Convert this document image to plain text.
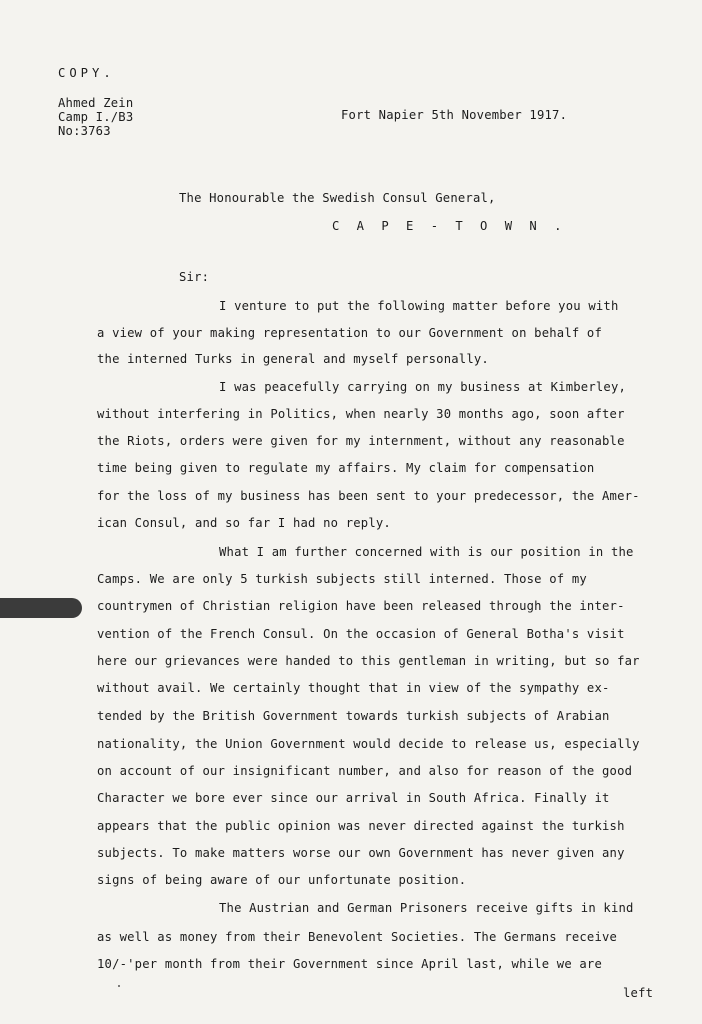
COPY.
Ahmed Zein
Camp I./B3
No:3763
Fort Napier 5th November 1917.
The Honourable the Swedish Consul General,
C A P E - T O W N .
Sir:
I venture to put the following matter before you with
a view of your making representation to our Government on behalf of
the interned Turks in general and myself personally.
I was peacefully carrying on my business at Kimberley,
without interfering in Politics, when nearly 30 months ago, soon after
the Riots, orders were given for my internment, without any reasonable
time being given to regulate my affairs. My claim for compensation
for the loss of my business has been sent to your predecessor, the Amer-
ican Consul, and so far I had no reply.
What I am further concerned with is our position in the
Camps. We are only 5 turkish subjects still interned. Those of my
countrymen of Christian religion have been released through the inter-
vention of the French Consul. On the occasion of General Botha's visit
here our grievances were handed to this gentleman in writing, but so far
without avail. We certainly thought that in view of the sympathy ex-
tended by the British Government towards turkish subjects of Arabian
nationality, the Union Government would decide to release us, especially
on account of our insignificant number, and also for reason of the good
Character we bore ever since our arrival in South Africa. Finally it
appears that the public opinion was never directed against the turkish
subjects. To make matters worse our own Government has never given any
signs of being aware of our unfortunate position.
The Austrian and German Prisoners receive gifts in kind
as well as money from their Benevolent Societies. The Germans receive
10/-'per month from their Government since April last, while we are
left
